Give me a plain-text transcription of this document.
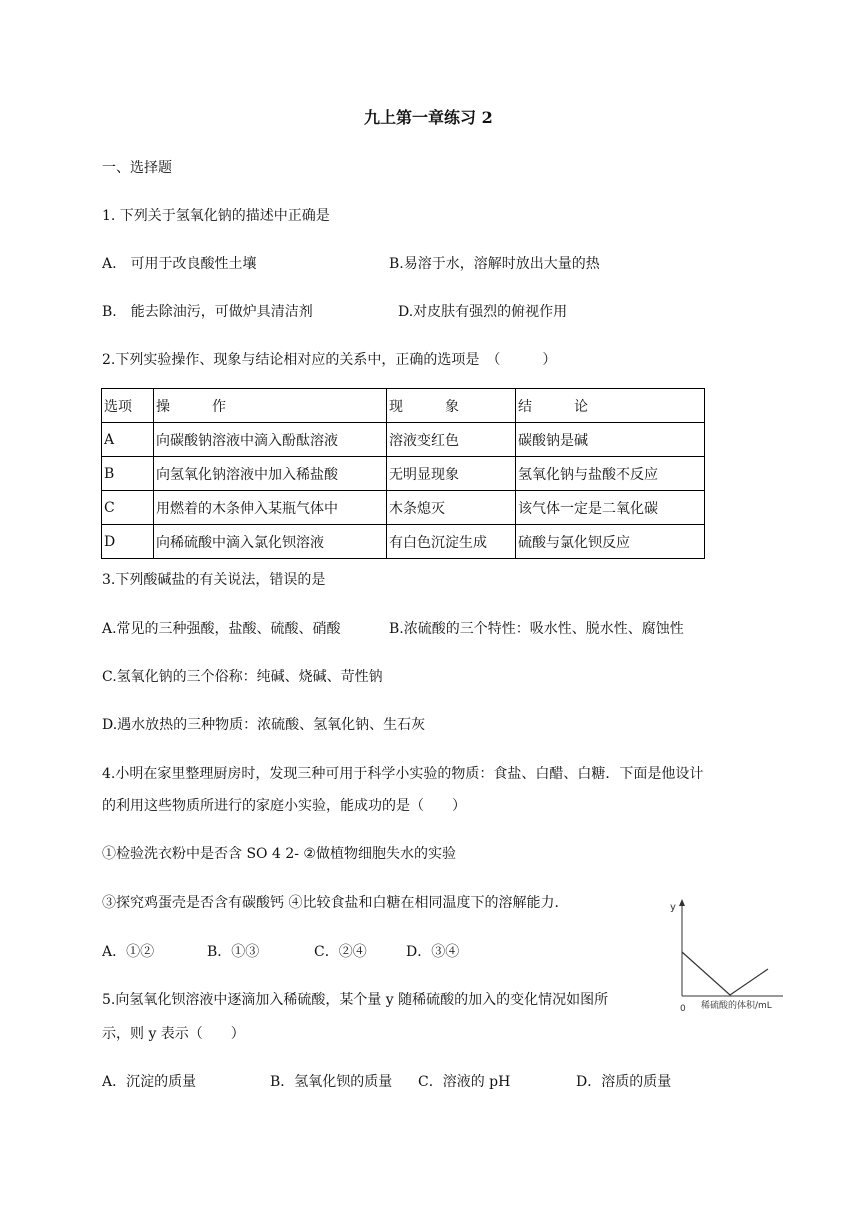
九上第一章练习 2
一、选择题
1. 下列关于氢氧化钠的描述中正确是
A.　可用于改良酸性土壤	B.易溶于水，溶解时放出大量的热
B.　能去除油污，可做炉具清洁剂	D.对皮肤有强烈的俯视作用
2.下列实验操作、现象与结论相对应的关系中，正确的选项是　（　　　）
选项	操　　　作	现　　　象	结　　　论
A	向碳酸钠溶液中滴入酚酞溶液	溶液变红色	碳酸钠是碱
B	向氢氧化钠溶液中加入稀盐酸	无明显现象	氢氧化钠与盐酸不反应
C	用燃着的木条伸入某瓶气体中	木条熄灭	该气体一定是二氧化碳
D	向稀硫酸中滴入氯化钡溶液	有白色沉淀生成	硫酸与氯化钡反应
3.下列酸碱盐的有关说法，错误的是
A.常见的三种强酸，盐酸、硫酸、硝酸	B.浓硫酸的三个特性：吸水性、脱水性、腐蚀性
C.氢氧化钠的三个俗称：纯碱、烧碱、苛性钠
D.遇水放热的三种物质：浓硫酸、氢氧化钠、生石灰
4.小明在家里整理厨房时，发现三种可用于科学小实验的物质：食盐、白醋、白糖．下面是他设计
的利用这些物质所进行的家庭小实验，能成功的是（　　）
①检验洗衣粉中是否含 SO 4 2- ②做植物细胞失水的实验
③探究鸡蛋壳是否含有碳酸钙 ④比较食盐和白糖在相同温度下的溶解能力．
A．①②	B．①③	C．②④	D．③④
y
0 稀硫酸的体积/mL
5.向氢氧化钡溶液中逐滴加入稀硫酸，某个量 y 随稀硫酸的加入的变化情况如图所
示，则 y 表示（　　）
A．沉淀的质量	B．氢氧化钡的质量 C．溶液的 pH	D．溶质的质量
